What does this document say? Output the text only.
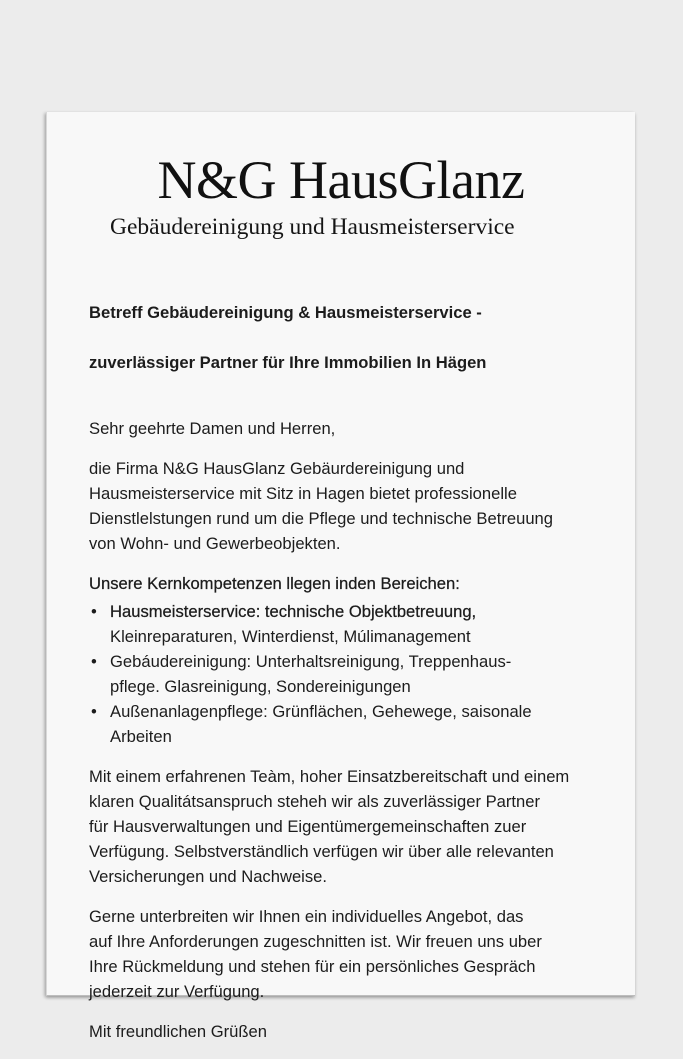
N&G HausGlanz
Gebäudereinigung und Hausmeisterservice

Betreff Gebäudereinigung & Hausmeisterservice -

zuverlässiger Partner für Ihre Immobilien In Hägen

Sehr geehrte Damen und Herren,

die Firma N&G HausGlanz Gebäurdereinigung und
Hausmeisterservice mit Sitz in Hagen bietet professionelle
Dienstlelstungen rund um die Pflege und technische Betreuung
von Wohn- und Gewerbeobjekten.

Unsere Kernkompetenzen llegen inden Bereichen:

• Hausmeisterservice: technische Objektbetreuung,
Kleinreparaturen, Winterdienst, Múlimanagement
• Gebáudereinigung: Unterhaltsreinigung, Treppenhaus-
pflege. Glasreinigung, Sondereinigungen
• Außenanlagenpflege: Grünflächen, Gehewege, saisonale
Arbeiten

Mit einem erfahrenen Teàm, hoher Einsatzbereitschaft und einem
klaren Qualitátsanspruch steheh wir als zuverlässiger Partner
für Hausverwaltungen und Eigentümergemeinschaften zuer
Verfügung. Selbstverständlich verfügen wir über alle relevanten
Versicherungen und Nachweise.

Gerne unterbreiten wir Ihnen ein individuelles Angebot, das
auf Ihre Anforderungen zugeschnitten ist. Wir freuen uns uber
Ihre Rückmeldung und stehen für ein persönliches Gespräch
jederzeit zur Verfügung.

Mit freundlichen Grüßen
